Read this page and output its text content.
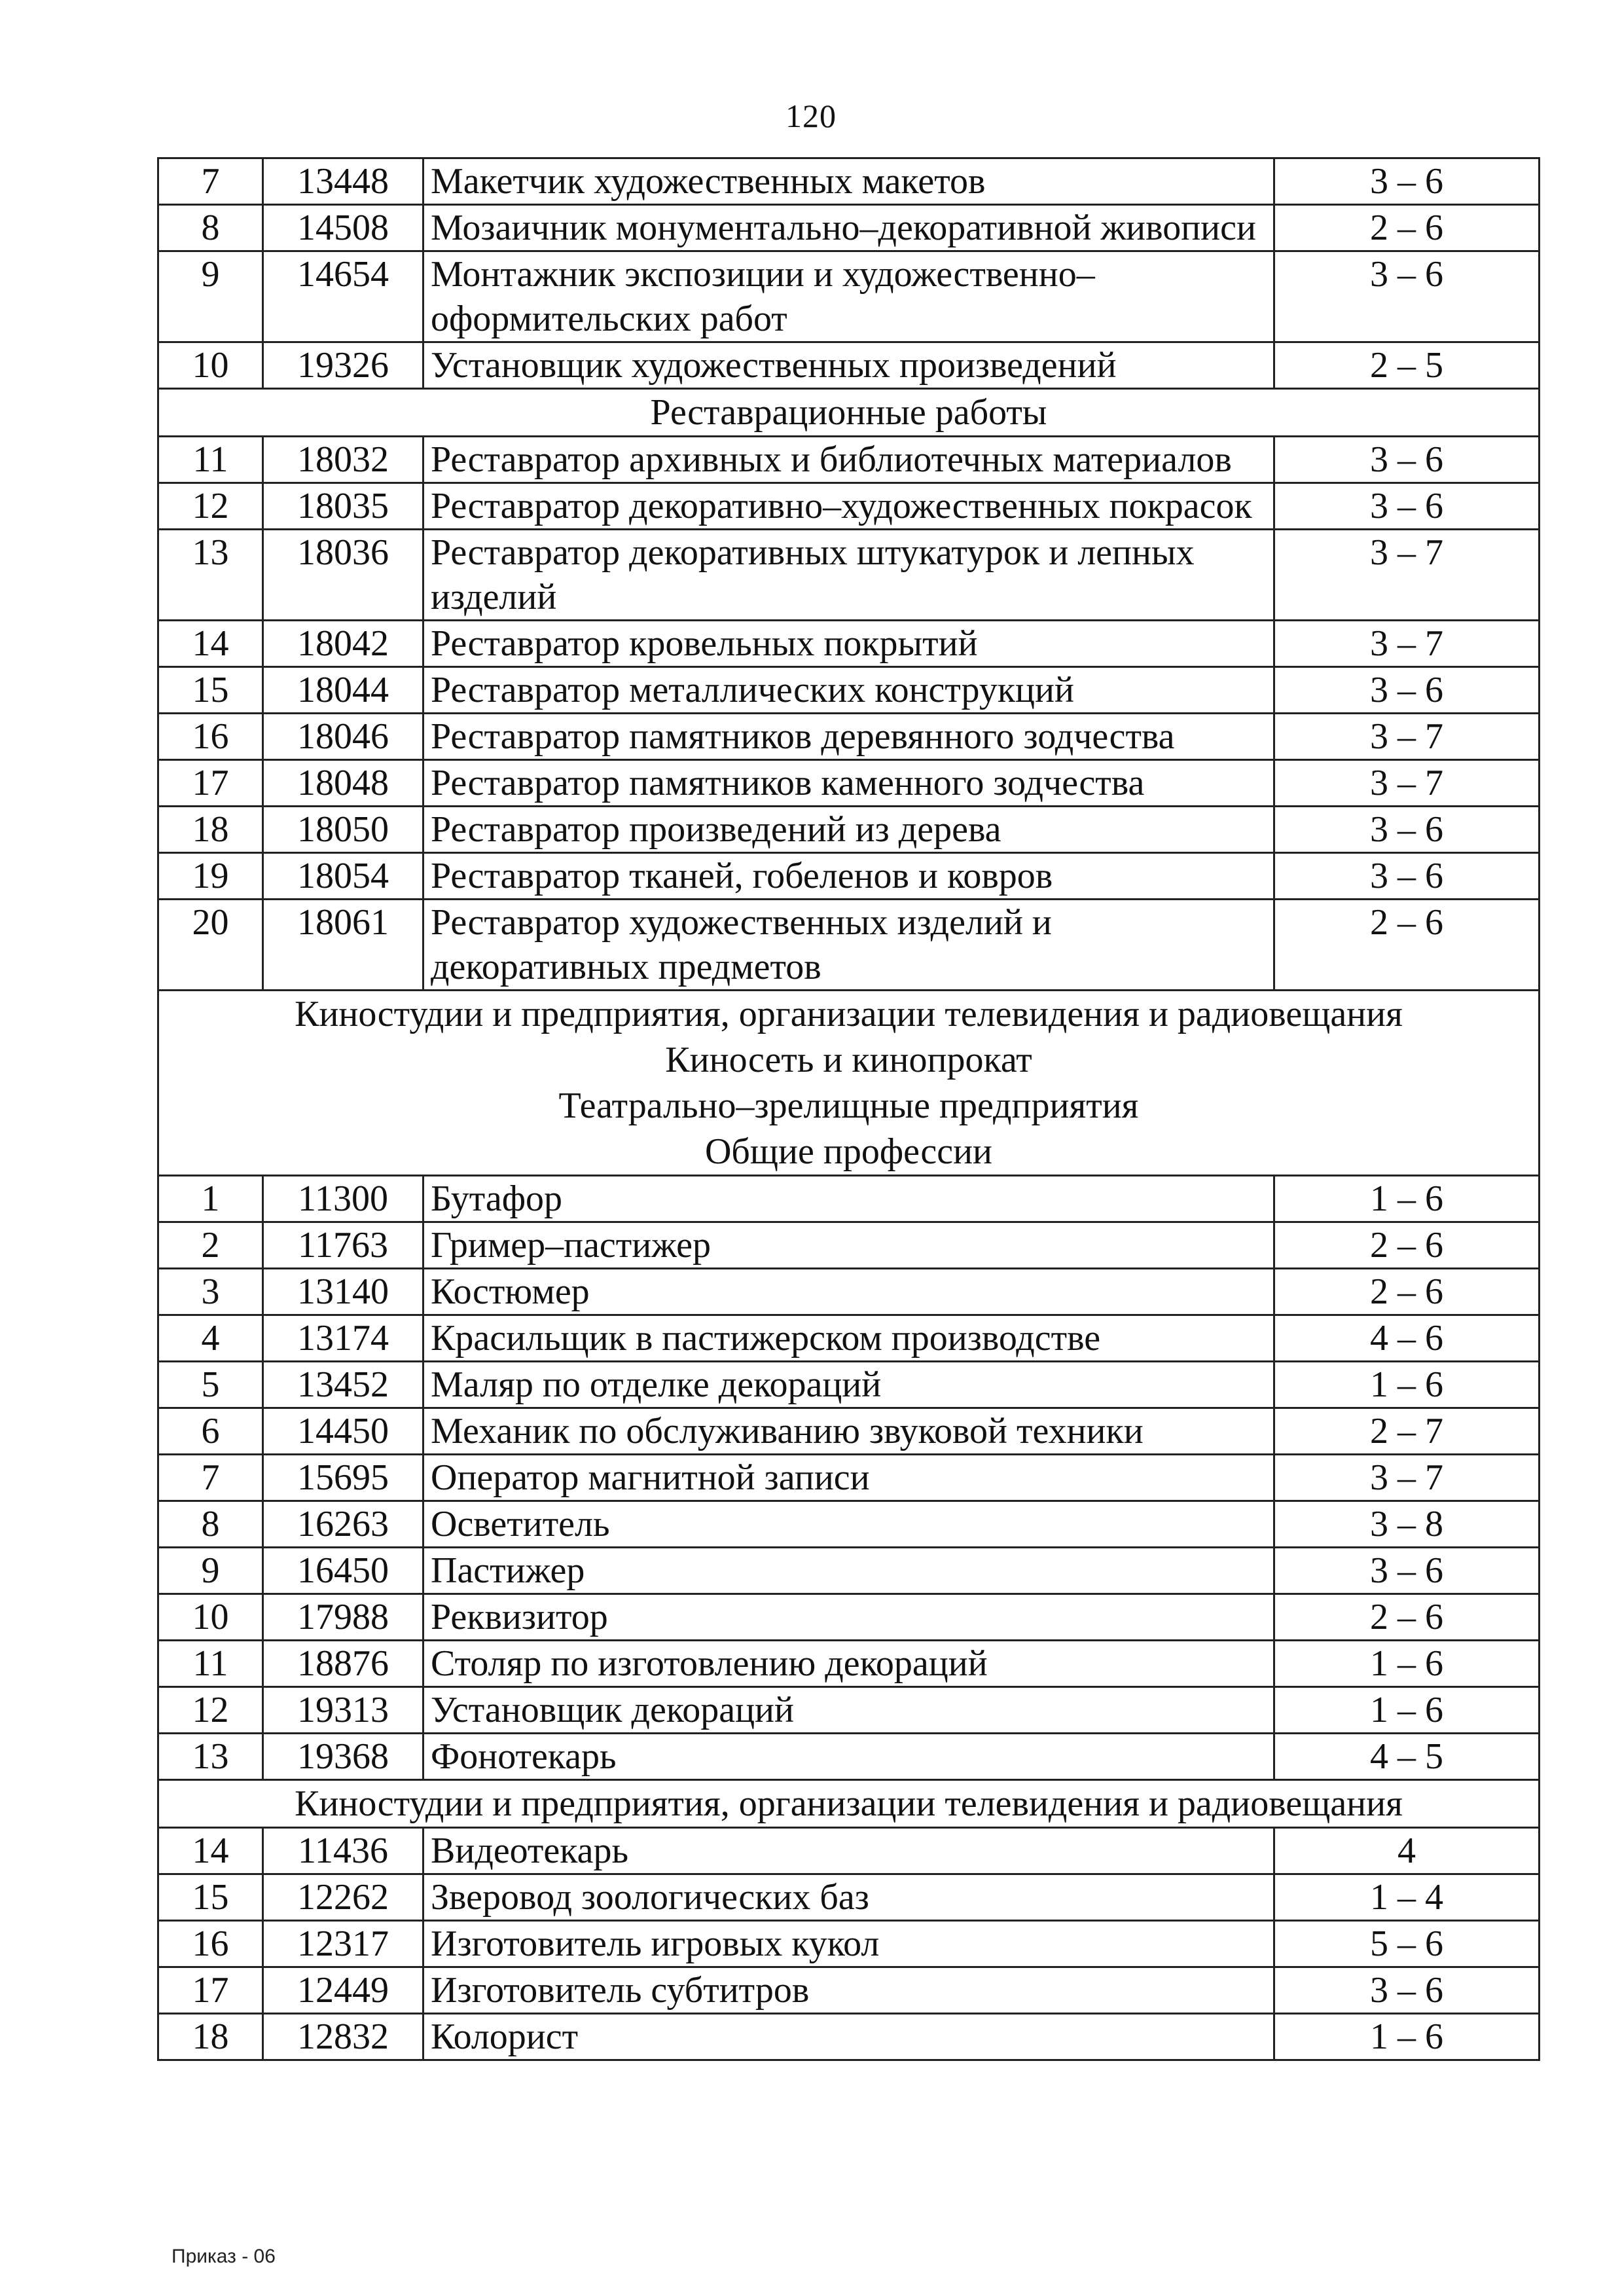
120
7	13448	Макетчик художественных макетов	3 – 6
8	14508	Мозаичник монументально–декоративной живописи	2 – 6
9	14654	Монтажник экспозиции и художественно–оформительских работ	3 – 6
10	19326	Установщик художественных произведений	2 – 5

Реставрационные работы			

11	18032	Реставратор архивных и библиотечных материалов	3 – 6
12	18035	Реставратор декоративно–художественных покрасок	3 – 6
13	18036	Реставратор декоративных штукатурок и лепных изделий	3 – 7
14	18042	Реставратор кровельных покрытий	3 – 7
15	18044	Реставратор металлических конструкций	3 – 6
16	18046	Реставратор памятников деревянного зодчества	3 – 7
17	18048	Реставратор памятников каменного зодчества	3 – 7
18	18050	Реставратор произведений из дерева	3 – 6
19	18054	Реставратор тканей, гобеленов и ковров	3 – 6
20	18061	Реставратор художественных изделий и декоративных предметов	2 – 6

Киностудии и предприятия, организации телевидения и радиовещания
Киносеть и кинопрокат
Театрально–зрелищные предприятия
Общие профессии			

1	11300	Бутафор	1 – 6
2	11763	Гример–пастижер	2 – 6
3	13140	Костюмер	2 – 6
4	13174	Красильщик в пастижерском производстве	4 – 6
5	13452	Маляр по отделке декораций	1 – 6
6	14450	Механик по обслуживанию звуковой техники	2 – 7
7	15695	Оператор магнитной записи	3 – 7
8	16263	Осветитель	3 – 8
9	16450	Пастижер	3 – 6
10	17988	Реквизитор	2 – 6
11	18876	Столяр по изготовлению декораций	1 – 6
12	19313	Установщик декораций	1 – 6
13	19368	Фонотекарь	4 – 5

Киностудии и предприятия, организации телевидения и радиовещания			

14	11436	Видеотекарь	4
15	12262	Зверовод зоологических баз	1 – 4
16	12317	Изготовитель игровых кукол	5 – 6
17	12449	Изготовитель субтитров	3 – 6
18	12832	Колорист	1 – 6
Приказ - 06
